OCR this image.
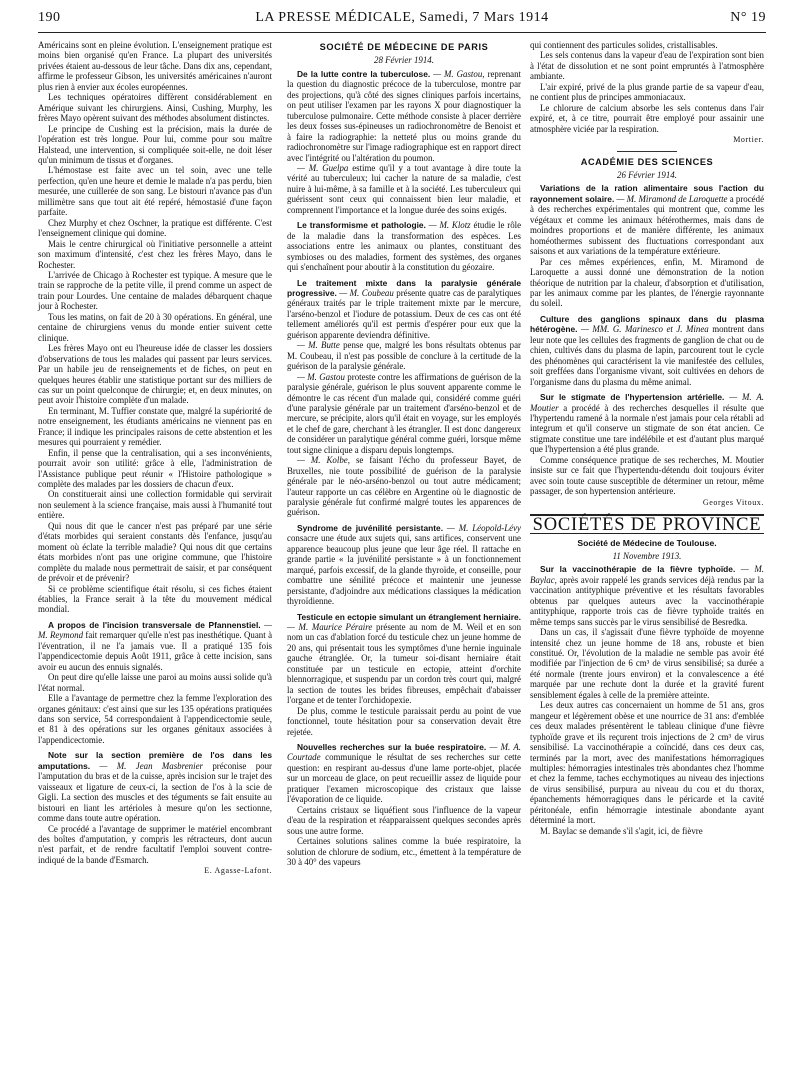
190	LA PRESSE MÉDICALE, Samedi, 7 Mars 1914	N° 19

Américains sont en pleine évolution. L'enseignement pratique est moins bien organisé qu'en France. La plupart des universités privées étaient au-dessous de leur tâche. Dans dix ans, cependant, affirme le professeur Gibson, les universités américaines n'auront plus rien à envier aux écoles européennes.

Les techniques opératoires diffèrent considérablement en Amérique suivant les chirurgiens. Ainsi, Cushing, Murphy, les frères Mayo opèrent suivant des méthodes absolument distinctes.

Le principe de Cushing est la précision, mais la durée de l'opération est très longue. Pour lui, comme pour sou maître Halstead, une intervention, si compliquée soit-elle, ne doit léser qu'un minimum de tissus et d'organes.

L'hémostase est faite avec un tel soin, avec une telle perfection, qu'en une heure et demie le malade n'a pas perdu, bien mesurée, une cuillerée de son sang. Le bistouri n'avance pas d'un millimètre sans que tout ait été repéré, hémostasié d'une façon parfaite.

Chez Murphy et chez Oschner, la pratique est différente. C'est l'enseignement clinique qui domine.

Mais le centre chirurgical où l'initiative personnelle a atteint son maximum d'intensité, c'est chez les frères Mayo, dans le Rochester.

L'arrivée de Chicago à Rochester est typique. A mesure que le train se rapproche de la petite ville, il prend comme un aspect de train pour Lourdes. Une centaine de malades débarquent chaque jour à Rochester.

Tous les matins, on fait de 20 à 30 opérations. En général, une centaine de chirurgiens venus du monde entier suivent cette clinique.

Les frères Mayo ont eu l'heureuse idée de classer les dossiers d'observations de tous les malades qui passent par leurs services. Par un habile jeu de renseignements et de fiches, on peut en quelques heures établir une statistique portant sur des milliers de cas sur un point quelconque de chirurgie; et, en deux minutes, on peut avoir l'histoire complète d'un malade.

En terminant, M. Tuffier constate que, malgré la supériorité de notre enseignement, les étudiants américains ne viennent pas en France; il indique les principales raisons de cette abstention et les mesures qui pourraient y remédier.

Enfin, il pense que la centralisation, qui a ses inconvénients, pourrait avoir son utilité: grâce à elle, l'administration de l'Assistance publique peut réunir « l'Histoire pathologique » complète des malades par les dossiers de chacun d'eux.

On constituerait ainsi une collection formidable qui servirait non seulement à la science française, mais aussi à l'humanité tout entière.

Qui nous dit que le cancer n'est pas préparé par une série d'états morbides qui seraient constants dès l'enfance, jusqu'au moment où éclate la terrible maladie? Qui nous dit que certains états morbides n'ont pas une origine commune, que l'histoire complète du malade nous permettrait de saisir, et par conséquent de prévoir et de prévenir?

Si ce problème scientifique était résolu, si ces fiches étaient établies, la France serait à la tête du mouvement médical mondial.

A propos de l'incision transversale de Pfannenstiel. — M. Reymond fait remarquer qu'elle n'est pas inesthétique. Quant à l'éventration, il ne l'a jamais vue. Il a pratiqué 135 fois l'appendicectomie depuis Août 1911, grâce à cette incision, sans avoir eu aucun des ennuis signalés.

On peut dire qu'elle laisse une paroi au moins aussi solide qu'à l'état normal.

Elle a l'avantage de permettre chez la femme l'exploration des organes génitaux: c'est ainsi que sur les 135 opérations pratiquées dans son service, 54 correspondaient à l'appendicectomie seule, et 81 à des opérations sur les organes génitaux associées à l'appendicectomie.

Note sur la section première de l'os dans les amputations. — M. Jean Masbrenier préconise pour l'amputation du bras et de la cuisse, après incision sur le trajet des vaisseaux et ligature de ceux-ci, la section de l'os à la scie de Gigli. La section des muscles et des téguments se fait ensuite au bistouri en liant les artérioles à mesure qu'on les sectionne, comme dans toute autre opération.

Ce procédé a l'avantage de supprimer le matériel encombrant des boîtes d'amputation, y compris les rétracteurs, dont aucun n'est parfait, et de rendre facultatif l'emploi souvent contre-indiqué de la bande d'Esmarch.

E. Agasse-Lafont.
SOCIÉTÉ DE MÉDECINE DE PARIS
28 Février 1914.

De la lutte contre la tuberculose. — M. Gastou, reprenant la question du diagnostic précoce de la tuberculose, montre par des projections, qu'à côté des signes cliniques parfois incertains, on peut utiliser l'examen par les rayons X pour diagnostiquer la tuberculose pulmonaire. Cette méthode consiste à placer derrière les deux fosses sus-épineuses un radiochronomètre de Benoist et à faire la radiographie: la netteté plus ou moins grande du radiochronomètre sur l'image radiographique est en rapport direct avec l'intégrité ou l'altération du poumon.

— M. Guelpa estime qu'il y a tout avantage à dire toute la vérité au tuberculeux; lui cacher la nature de sa maladie, c'est nuire à lui-même, à sa famille et à la société. Les tuberculeux qui guérissent sont ceux qui connaissent bien leur maladie, et comprennent l'importance et la longue durée des soins exigés.

Le transformisme et pathologie. — M. Klotz étudie le rôle de la maladie dans la transformation des espèces. Les associations entre les animaux ou plantes, constituant des symbioses ou des maladies, forment des systèmes, des organes qui s'enchaînent pour aboutir à la constitution du géozaire.

Le traitement mixte dans la paralysie générale progressive. — M. Coubeau présente quatre cas de paralytiques généraux traités par le triple traitement mixte par le mercure, l'arséno-benzol et l'iodure de potassium. Deux de ces cas ont été tellement améliorés qu'il est permis d'espérer pour eux que la guérison apparente deviendra définitive.

— M. Butte pense que, malgré les bons résultats obtenus par M. Coubeau, il n'est pas possible de conclure à la certitude de la guérison de la paralysie générale.

— M. Gastou proteste contre les affirmations de guérison de la paralysie générale, guérison le plus souvent apparente comme le démontre le cas récent d'un malade qui, considéré comme guéri d'une paralysie générale par un traitement d'arséno-benzol et de mercure, se précipite, alors qu'il était en voyage, sur les employés et le chef de gare, cherchant à les étrangler. Il est donc dangereux de considérer un paralytique général comme guéri, lorsque même tout signe clinique a disparu depuis longtemps.

— M. Kolbe, se faisant l'écho du professeur Bayet, de Bruxelles, nie toute possibilité de guérison de la paralysie générale par le néo-arséno-benzol ou tout autre médicament; l'auteur rapporte un cas célèbre en Argentine où le diagnostic de paralysie générale fut confirmé malgré toutes les apparences de guérison.

Syndrome de juvénilité persistante. — M. Léopold-Lévy consacre une étude aux sujets qui, sans artifices, conservent une apparence beaucoup plus jeune que leur âge réel. Il rattache en grande partie « la juvénilité persistante » à un fonctionnement marqué, parfois excessif, de la glande thyroïde, et conseille, pour combattre une sénilité précoce et maintenir une jeunesse persistante, d'adjoindre aux médications classiques la médication thyroïdienne.

Testicule en ectopie simulant un étranglement herniaire. — M. Maurice Péraire présente au nom de M. Weil et en son nom un cas d'ablation forcé du testicule chez un jeune homme de 20 ans, qui présentait tous les symptômes d'une hernie inguinale gauche étranglée. Or, la tumeur soi-disant herniaire était constituée par un testicule en ectopie, atteint d'orchite blennorragique, et suspendu par un cordon très court qui, malgré la section de toutes les brides fibreuses, empêchait d'abaisser l'organe et de tenter l'orchidopexie.

De plus, comme le testicule paraissait perdu au point de vue fonctionnel, toute hésitation pour sa conservation devait être rejetée.

Nouvelles recherches sur la buée respiratoire. — M. A. Courtade communique le résultat de ses recherches sur cette question: en respirant au-dessus d'une lame porte-objet, placée sur un morceau de glace, on peut recueillir assez de liquide pour pratiquer l'examen microscopique des cristaux que laisse l'évaporation de ce liquide.

Certains cristaux se liquéfient sous l'influence de la vapeur d'eau de la respiration et réapparaissent quelques secondes après sous une autre forme.

Certaines solutions salines comme la buée respiratoire, la solution de chlorure de sodium, etc., émettent à la température de 30 à 40° des vapeurs

qui contiennent des particules solides, cristallisables.

Les sels contenus dans la vapeur d'eau de l'expiration sont bien à l'état de dissolution et ne sont point empruntés à l'atmosphère ambiante.

L'air expiré, privé de la plus grande partie de sa vapeur d'eau, ne contient plus de principes ammoniacaux.

Le chlorure de calcium absorbe les sels contenus dans l'air expiré, et, à ce titre, pourrait être employé pour assainir une atmosphère viciée par la respiration.

Mortier.
ACADÉMIE DES SCIENCES
26 Février 1914.

Variations de la ration alimentaire sous l'action du rayonnement solaire. — M. Miramond de Laroquette a procédé à des recherches expérimentales qui montrent que, comme les végétaux et comme les animaux hétérothermes, mais dans de moindres proportions et de manière différente, les animaux homéothermes subissent des fluctuations correspondant aux saisons et aux variations de la température extérieure.

Par ces mêmes expériences, enfin, M. Miramond de Laroquette a aussi donné une démonstration de la notion théorique de nutrition par la chaleur, d'absorption et d'utilisation, par les animaux comme par les plantes, de l'énergie rayonnante du soleil.

Culture des ganglions spinaux dans du plasma hétérogène. — MM. G. Marinesco et J. Minea montrent dans leur note que les cellules des fragments de ganglion de chat ou de chien, cultivés dans du plasma de lapin, parcourent tout le cycle des phénomènes qui caractérisent la vie manifestée des cellules, soit greffées dans l'organisme vivant, soit cultivées en dehors de l'organisme dans du plasma du même animal.

Sur le stigmate de l'hypertension artérielle. — M. A. Moutier a procédé à des recherches desquelles il résulte que l'hypertendu ramené à la normale n'est jamais pour cela rétabli ad integrum et qu'il conserve un stigmate de son état ancien. Ce stigmate constitue une tare indélébile et est d'autant plus marqué que l'hypertension a été plus grande.

Comme conséquence pratique de ses recherches, M. Moutier insiste sur ce fait que l'hypertendu-détendu doit toujours éviter avec soin toute cause susceptible de déterminer un retour, même passager, de son hypertension antérieure.

Georges Vitoux.
SOCIÉTÉS DE PROVINCE
Société de Médecine de Toulouse.
11 Novembre 1913.

Sur la vaccinothérapie de la fièvre typhoïde. — M. Baylac, après avoir rappelé les grands services déjà rendus par la vaccination antityphique préventive et les résultats favorables obtenus par quelques auteurs avec la vaccinothérapie antityphique, rapporte trois cas de fièvre typhoïde traités en même temps sans succès par le virus sensibilisé de Besredka.

Dans un cas, il s'agissait d'une fièvre typhoïde de moyenne intensité chez un jeune homme de 18 ans, robuste et bien constitué. Or, l'évolution de la maladie ne semble pas avoir été modifiée par l'injection de 6 cm³ de virus sensibilisé; sa durée a été normale (trente jours environ) et la convalescence a été marquée par une rechute dont la durée et la gravité furent sensiblement égales à celle de la première atteinte.

Les deux autres cas concernaient un homme de 51 ans, gros mangeur et légèrement obèse et une nourrice de 31 ans: d'emblée ces deux malades présentèrent le tableau clinique d'une fièvre typhoïde grave et ils reçurent trois injections de 2 cm³ de virus sensibilisé. La vaccinothérapie a coïncidé, dans ces deux cas, terminés par la mort, avec des manifestations hémorragiques multiples: hémorragies intestinales très abondantes chez l'homme et chez la femme, taches ecchymotiques au niveau des injections de virus sensibilisé, purpura au niveau du cou et du thorax, épanchements hémorragiques dans le péricarde et la cavité péritonéale, enfin hémorragie intestinale abondante ayant déterminé la mort.

M. Baylac se demande s'il s'agit, ici, de fièvre
